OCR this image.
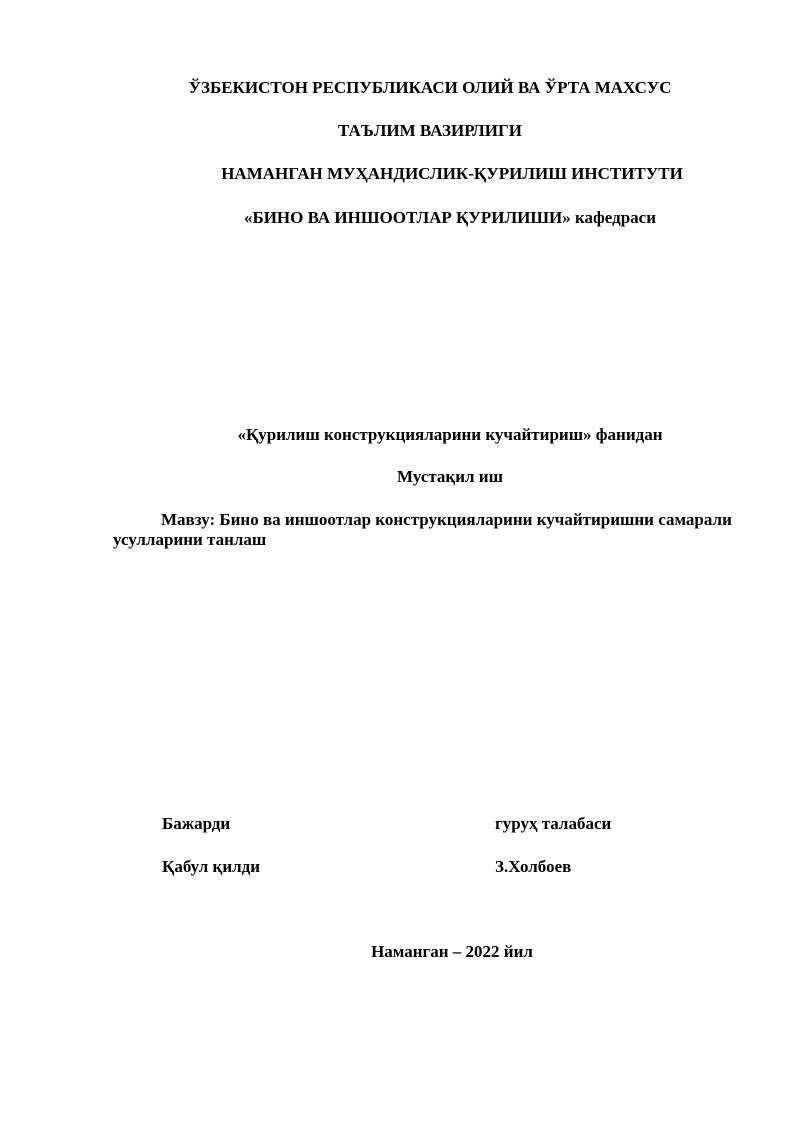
ЎЗБЕКИСТОН РЕСПУБЛИКАСИ ОЛИЙ ВА ЎРТА МАХСУС
ТАЪЛИМ ВАЗИРЛИГИ
НАМАНГАН МУҲАНДИСЛИК-ҚУРИЛИШ ИНСТИТУТИ
«БИНО ВА ИНШООТЛАР ҚУРИЛИШИ» кафедраси
«Қурилиш конструкцияларини кучайтириш» фанидан
Мустақил иш
Мавзу: Бино ва иншоотлар конструкцияларини кучайтиришни самарали усулларини танлаш
Бажарди	гуруҳ талабаси
Қабул қилди	З.Холбоев
Наманган – 2022 йил
